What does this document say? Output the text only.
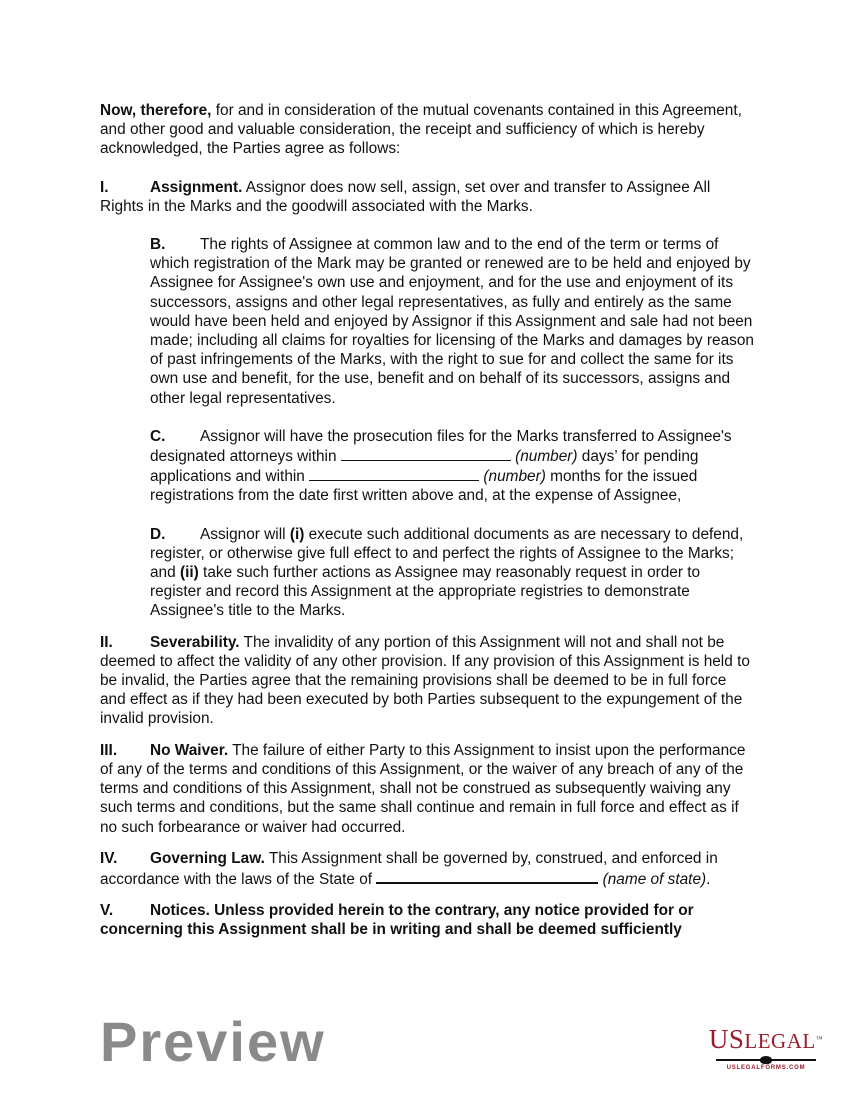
Now, therefore, for and in consideration of the mutual covenants contained in this Agreement, and other good and valuable consideration, the receipt and sufficiency of which is hereby acknowledged, the Parties agree as follows:

I.	Assignment. Assignor does now sell, assign, set over and transfer to Assignee All Rights in the Marks and the goodwill associated with the Marks.

B. The rights of Assignee at common law and to the end of the term or terms of which registration of the Mark may be granted or renewed are to be held and enjoyed by Assignee for Assignee's own use and enjoyment, and for the use and enjoyment of its successors, assigns and other legal representatives, as fully and entirely as the same would have been held and enjoyed by Assignor if this Assignment and sale had not been made; including all claims for royalties for licensing of the Marks and damages by reason of past infringements of the Marks, with the right to sue for and collect the same for its own use and benefit, for the use, benefit and on behalf of its successors, assigns and other legal representatives.

C. Assignor will have the prosecution files for the Marks transferred to Assignee's designated attorneys within	(number) days’ for pending applications and within	(number) months for the issued registrations from the date first written above and, at the expense of Assignee,

D. Assignor will (i) execute such additional documents as are necessary to defend, register, or otherwise give full effect to and perfect the rights of Assignee to the Marks; and (ii) take such further actions as Assignee may reasonably request in order to register and record this Assignment at the appropriate registries to demonstrate Assignee's title to the Marks.

II. Severability. The invalidity of any portion of this Assignment will not and shall not be deemed to affect the validity of any other provision. If any provision of this Assignment is held to be invalid, the Parties agree that the remaining provisions shall be deemed to be in full force and effect as if they had been executed by both Parties subsequent to the expungement of the invalid provision.

III. No Waiver. The failure of either Party to this Assignment to insist upon the performance of any of the terms and conditions of this Assignment, or the waiver of any breach of any of the terms and conditions of this Assignment, shall not be construed as subsequently waiving any such terms and conditions, but the same shall continue and remain in full force and effect as if no such forbearance or waiver had occurred.

IV. Governing Law. This Assignment shall be governed by, construed, and enforced in accordance with the laws of the State of	(name of state).

V. Notices. Unless provided herein to the contrary, any notice provided for or concerning this Assignment shall be in writing and shall be deemed sufficiently

Preview	USLEGAL™
USLEGALFORMS.COM
